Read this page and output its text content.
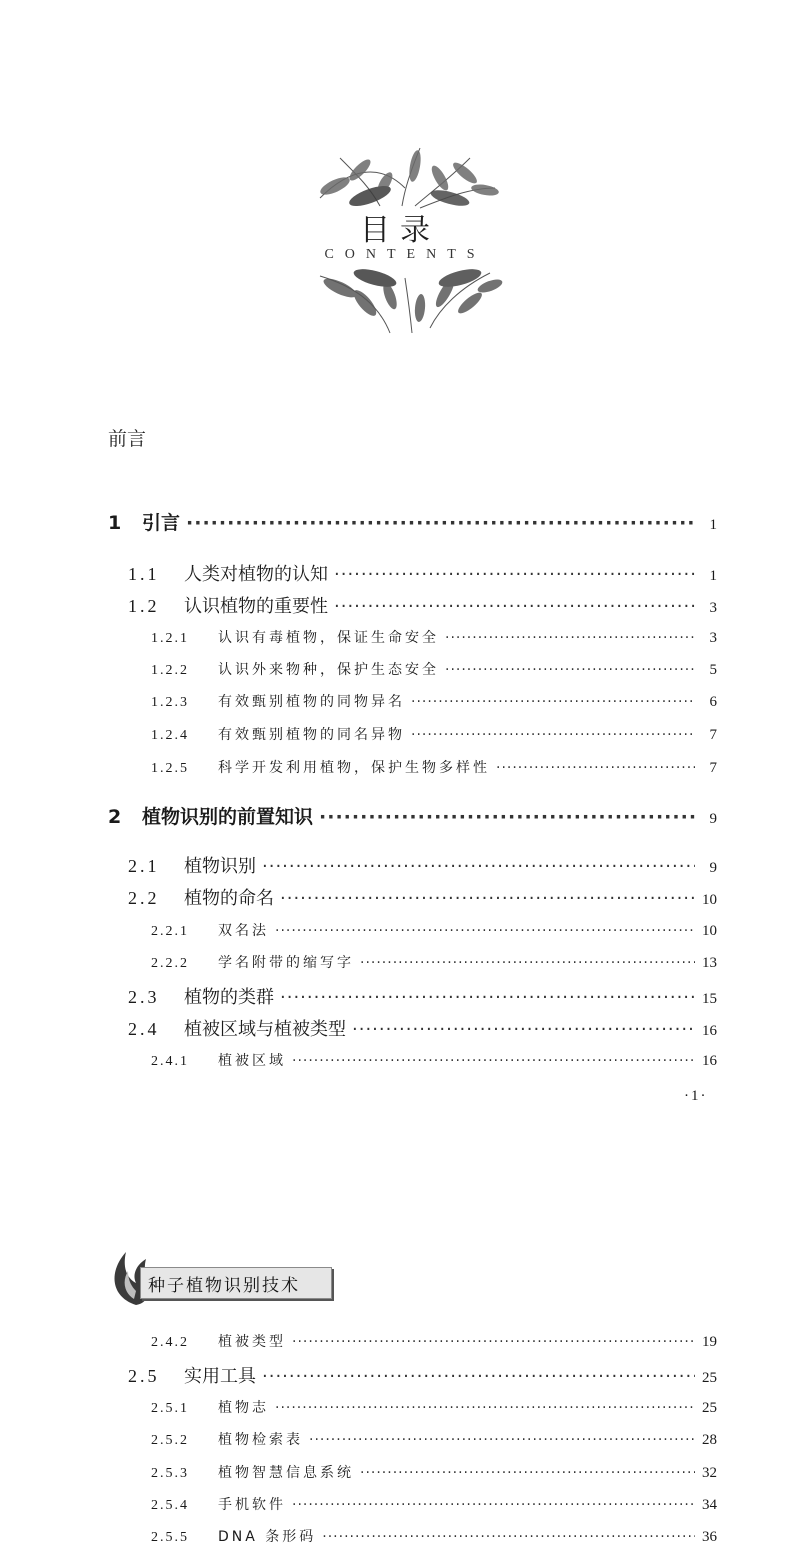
目录
CONTENTS
前言
1	引言 ·····	1
1.1	人类对植物的认知 ·····	1
1.2	认识植物的重要性 ·····	3
1.2.1	认识有毒植物，保证生命安全 ·····	3
1.2.2	认识外来物种，保护生态安全 ·····	5
1.2.3	有效甄别植物的同物异名 ·····	6
1.2.4	有效甄别植物的同名异物 ·····	7
1.2.5	科学开发利用植物，保护生物多样性 ·····	7
2	植物识别的前置知识 ·····	9
2.1	植物识别 ·····	9
2.2	植物的命名 ·····	10
2.2.1	双名法 ·····	10
2.2.2	学名附带的缩写字 ·····	13
2.3	植物的类群 ·····	15
2.4	植被区域与植被类型 ·····	16
2.4.1	植被区域 ·····	16
·1·
种子植物识别技术
2.4.2	植被类型 ·····	19
2.5	实用工具 ·····	25
2.5.1	植物志 ·····	25
2.5.2	植物检索表 ·····	28
2.5.3	植物智慧信息系统 ·····	32
2.5.4	手机软件 ·····	34
2.5.5	DNA 条形码 ·····	36
